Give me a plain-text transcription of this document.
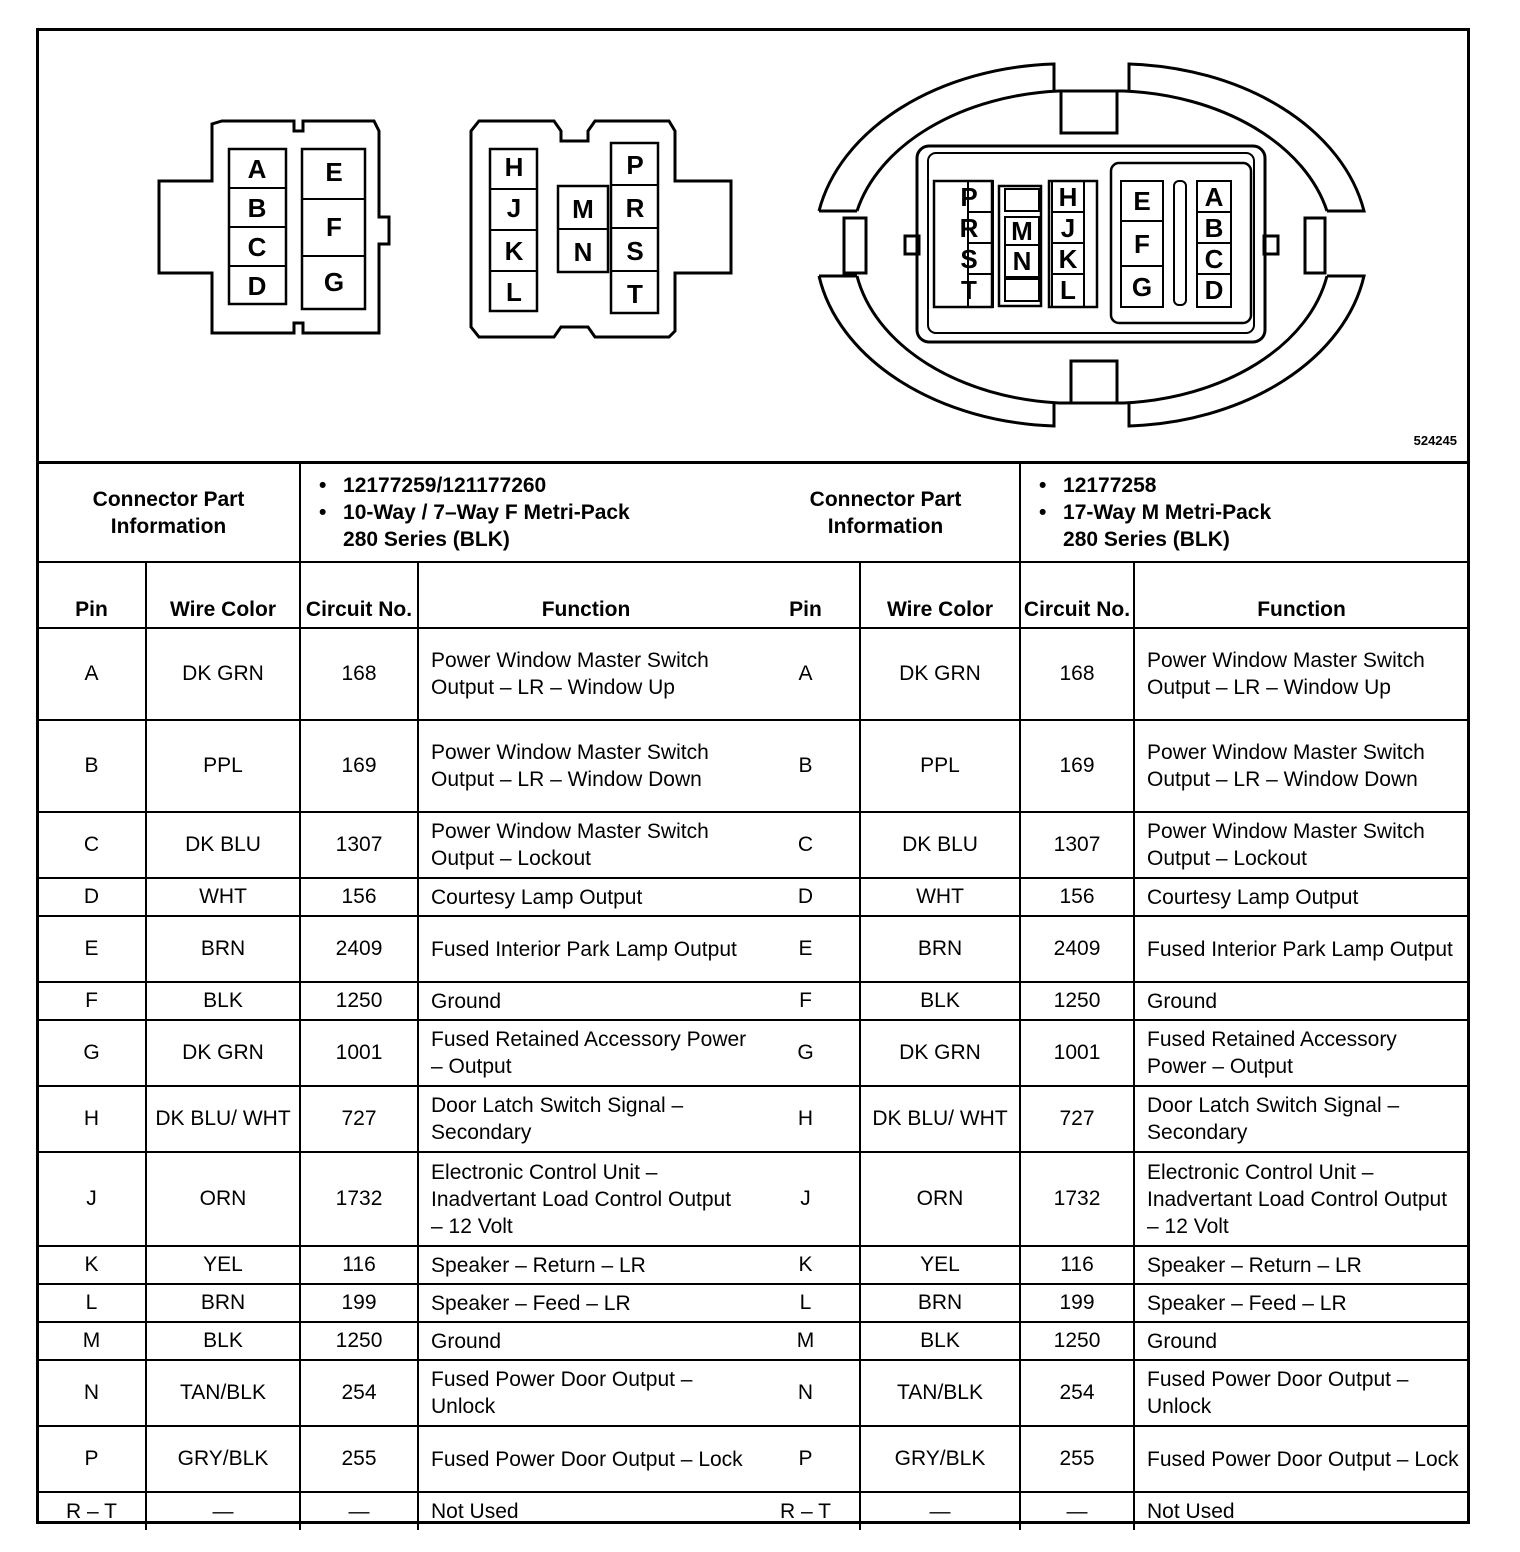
A
B
C
D
E
F
G
H
J
K
L
M
N
P
R
S
T
P
R
S
T
M
N
H
J
K
L
E
F
G
A
B
C
D
524245
Connector Part Information		• 12177259/121177260
• 10-Way / 7–Way F Metri-Pack
280 Series (BLK)

Pin	Wire Color	Circuit No.	Function
A	DK GRN	168	Power Window Master Switch Output – LR – Window Up
B	PPL	169	Power Window Master Switch Output – LR – Window Down
C	DK BLU	1307	Power Window Master Switch Output – Lockout
D	WHT	156	Courtesy Lamp Output
E	BRN	2409	Fused Interior Park Lamp Output
F	BLK	1250	Ground
G	DK GRN	1001	Fused Retained Accessory Power – Output
H	DK BLU/ WHT	727	Door Latch Switch Signal – Secondary
J	ORN	1732	Electronic Control Unit – Inadvertant Load Control Output – 12 Volt
K	YEL	116	Speaker – Return – LR
L	BRN	199	Speaker – Feed – LR
M	BLK	1250	Ground
N	TAN/BLK	254	Fused Power Door Output – Unlock
P	GRY/BLK	255	Fused Power Door Output – Lock
R – T	—	—	Not Used
Connector Part Information		• 12177258
• 17-Way M Metri-Pack
280 Series (BLK)

Pin	Wire Color	Circuit No.	Function
A	DK GRN	168	Power Window Master Switch Output – LR – Window Up
B	PPL	169	Power Window Master Switch Output – LR – Window Down
C	DK BLU	1307	Power Window Master Switch Output – Lockout
D	WHT	156	Courtesy Lamp Output
E	BRN	2409	Fused Interior Park Lamp Output
F	BLK	1250	Ground
G	DK GRN	1001	Fused Retained Accessory Power – Output
H	DK BLU/ WHT	727	Door Latch Switch Signal – Secondary
J	ORN	1732	Electronic Control Unit – Inadvertant Load Control Output – 12 Volt
K	YEL	116	Speaker – Return – LR
L	BRN	199	Speaker – Feed – LR
M	BLK	1250	Ground
N	TAN/BLK	254	Fused Power Door Output – Unlock
P	GRY/BLK	255	Fused Power Door Output – Lock
R – T	—	—	Not Used
